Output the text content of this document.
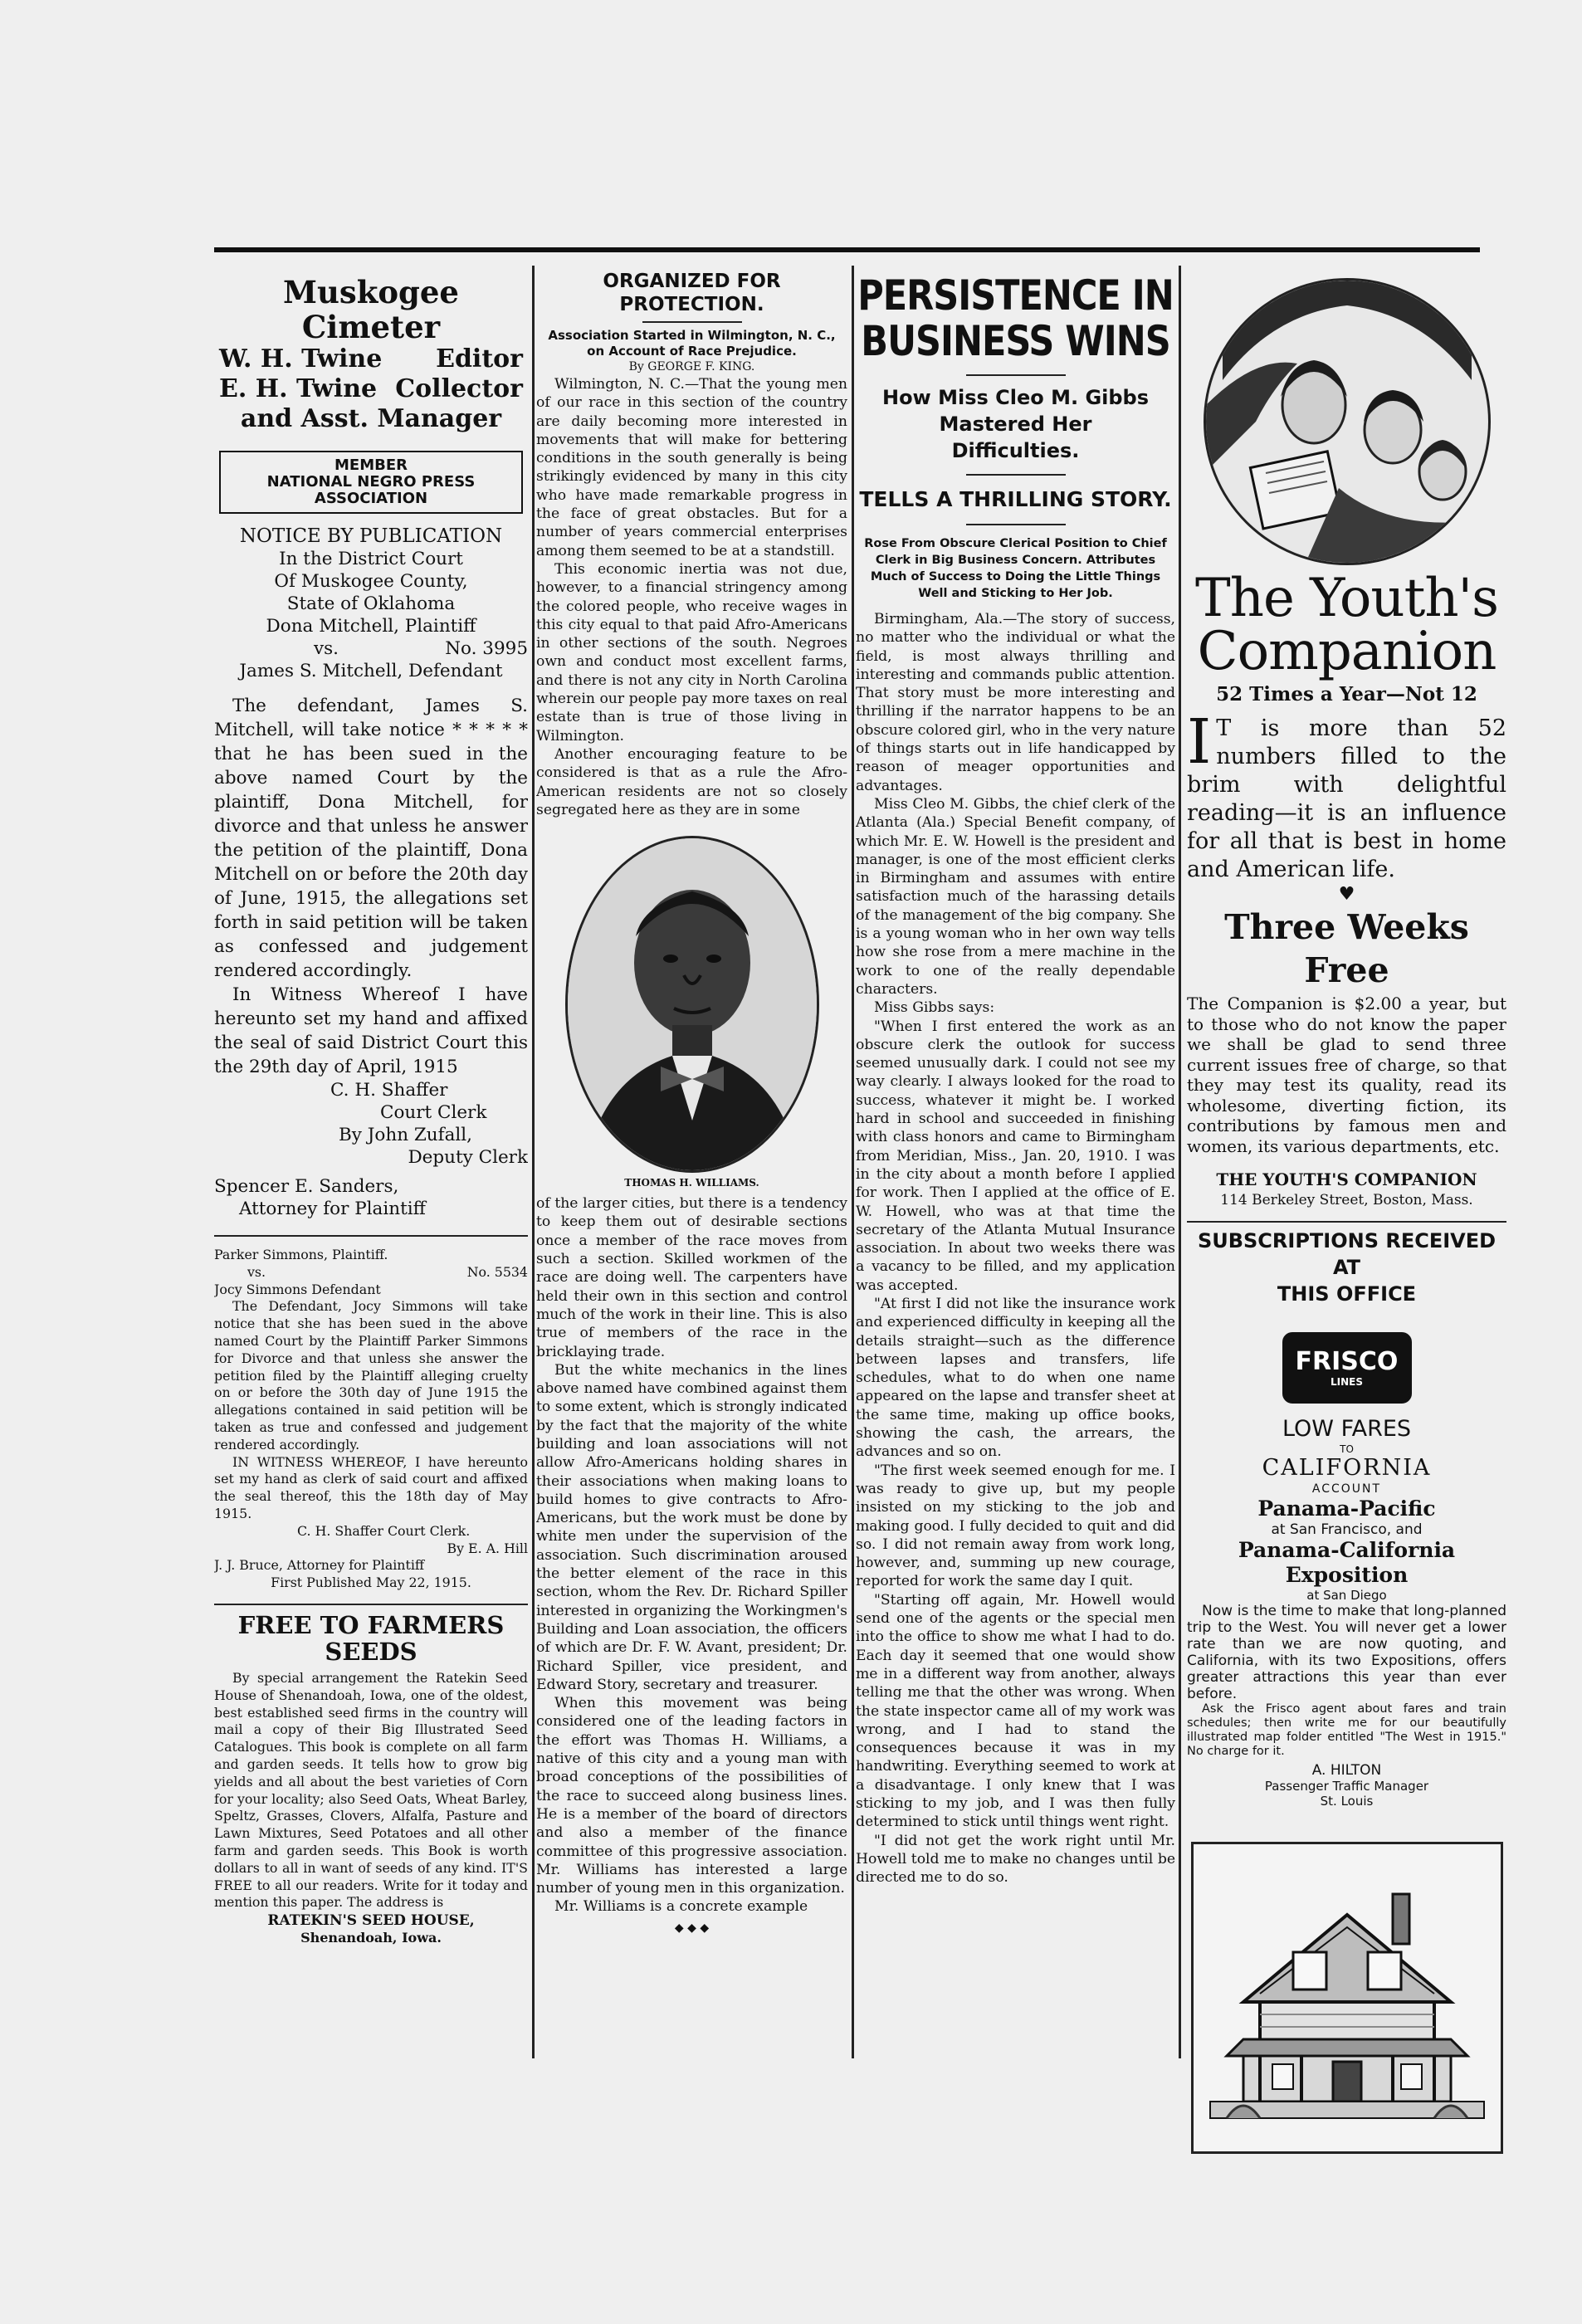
Muskogee Cimeter
W. H. Twine Editor
E. H. Twine Collector
and Asst. Manager
MEMBER
NATIONAL NEGRO PRESS
ASSOCIATION
NOTICE BY PUBLICATION
In the District Court
Of Muskogee County,
State of Oklahoma
Dona Mitchell, Plaintiff
vs.	No. 3995
James S. Mitchell, Defendant

The defendant, James S. Mitchell, will take notice * * * * * that he has been sued in the above named Court by the plaintiff, Dona Mitchell, for divorce and that unless he answer the petition of the plaintiff, Dona Mitchell on or before the 20th day of June, 1915, the allegations set forth in said petition will be taken as confessed and judgement rendered accordingly.

In Witness Whereof I have hereunto set my hand and affixed the seal of said District Court this the 29th day of April, 1915

C. H. Shaffer
Court Clerk
By John Zufall,
Deputy Clerk
Spencer E. Sanders,
Attorney for Plaintiff
Parker Simmons, Plaintiff.
vs.	No. 5534
Jocy Simmons Defendant

The Defendant, Jocy Simmons will take notice that she has been sued in the above named Court by the Plaintiff Parker Simmons for Divorce and that unless she answer the petition filed by the Plaintiff alleging cruelty on or before the 30th day of June 1915 the allegations contained in said petition will be taken as true and confessed and judgement rendered accordingly.

IN WITNESS WHEREOF, I have hereunto set my hand as clerk of said court and affixed the seal thereof, this the 18th day of May 1915.

C. H. Shaffer Court Clerk.
By E. A. Hill
J. J. Bruce, Attorney for Plaintiff
First Published May 22, 1915.
FREE TO FARMERS
SEEDS

By special arrangement the Ratekin Seed House of Shenandoah, Iowa, one of the oldest, best established seed firms in the country will mail a copy of their Big Illustrated Seed Catalogues. This book is complete on all farm and garden seeds. It tells how to grow big yields and all about the best varieties of Corn for your locality; also Seed Oats, Wheat Barley, Speltz, Grasses, Clovers, Alfalfa, Pasture and Lawn Mixtures, Seed Potatoes and all other farm and garden seeds. This Book is worth dollars to all in want of seeds of any kind. IT'S FREE to all our readers. Write for it today and mention this paper. The address is

RATEKIN'S SEED HOUSE,
Shenandoah, Iowa.
ORGANIZED FOR PROTECTION.
Association Started in Wilmington, N. C., on Account of Race Prejudice.
By GEORGE F. KING.

Wilmington, N. C.—That the young men of our race in this section of the country are daily becoming more interested in movements that will make for bettering conditions in the south generally is being strikingly evidenced by many in this city who have made remarkable progress in the face of great obstacles. But for a number of years commercial enterprises among them seemed to be at a standstill.

This economic inertia was not due, however, to a financial stringency among the colored people, who receive wages in this city equal to that paid Afro-Americans in other sections of the south. Negroes own and conduct most excellent farms, and there is not any city in North Carolina wherein our people pay more taxes on real estate than is true of those living in Wilmington.

Another encouraging feature to be considered is that as a rule the Afro-American residents are not so closely segregated here as they are in some

THOMAS H. WILLIAMS.

of the larger cities, but there is a tendency to keep them out of desirable sections once a member of the race moves from such a section. Skilled workmen of the race are doing well. The carpenters have held their own in this section and control much of the work in their line. This is also true of members of the race in the bricklaying trade.

But the white mechanics in the lines above named have combined against them to some extent, which is strongly indicated by the fact that the majority of the white building and loan associations will not allow Afro-Americans holding shares in their associations when making loans to build homes to give contracts to Afro-Americans, but the work must be done by white men under the supervision of the association. Such discrimination aroused the better element of the race in this section, whom the Rev. Dr. Richard Spiller interested in organizing the Workingmen's Building and Loan association, the officers of which are Dr. F. W. Avant, president; Dr. Richard Spiller, vice president, and Edward Story, secretary and treasurer.

When this movement was being considered one of the leading factors in the effort was Thomas H. Williams, a native of this city and a young man with broad conceptions of the possibilities of the race to succeed along business lines. He is a member of the board of directors and also a member of the finance committee of this progressive association. Mr. Williams has interested a large number of young men in this organization.

Mr. Williams is a concrete example

◆ ◆ ◆
PERSISTENCE IN
BUSINESS WINS
How Miss Cleo M. Gibbs Mastered Her Difficulties.
TELLS A THRILLING STORY.
Rose From Obscure Clerical Position to Chief Clerk in Big Business Concern. Attributes Much of Success to Doing the Little Things Well and Sticking to Her Job.

Birmingham, Ala.—The story of success, no matter who the individual or what the field, is most always thrilling and interesting and commands public attention. That story must be more interesting and thrilling if the narrator happens to be an obscure colored girl, who in the very nature of things starts out in life handicapped by reason of meager opportunities and advantages.

Miss Cleo M. Gibbs, the chief clerk of the Atlanta (Ala.) Special Benefit company, of which Mr. E. W. Howell is the president and manager, is one of the most efficient clerks in Birmingham and assumes with entire satisfaction much of the harassing details of the management of the big company. She is a young woman who in her own way tells how she rose from a mere machine in the work to one of the really dependable characters.

Miss Gibbs says:

"When I first entered the work as an obscure clerk the outlook for success seemed unusually dark. I could not see my way clearly. I always looked for the road to success, whatever it might be. I worked hard in school and succeeded in finishing with class honors and came to Birmingham from Meridian, Miss., Jan. 20, 1910. I was in the city about a month before I applied for work. Then I applied at the office of E. W. Howell, who was at that time the secretary of the Atlanta Mutual Insurance association. In about two weeks there was a vacancy to be filled, and my application was accepted.

"At first I did not like the insurance work and experienced difficulty in keeping all the details straight—such as the difference between lapses and transfers, life schedules, what to do when one name appeared on the lapse and transfer sheet at the same time, making up office books, showing the cash, the arrears, the advances and so on.

"The first week seemed enough for me. I was ready to give up, but my people insisted on my sticking to the job and making good. I fully decided to quit and did so. I did not remain away from work long, however, and, summing up new courage, reported for work the same day I quit.

"Starting off again, Mr. Howell would send one of the agents or the special men into the office to show me what I had to do. Each day it seemed that one would show me in a different way from another, always telling me that the other was wrong. When the state inspector came all of my work was wrong, and I had to stand the consequences because it was in my handwriting. Everything seemed to work at a disadvantage. I only knew that I was sticking to my job, and I was then fully determined to stick until things went right.

"I did not get the work right until Mr. Howell told me to make no changes until be directed me to do so.

The Youth's
Companion
52 Times a Year—Not 12
I T is more than 52 numbers filled to the brim with delightful reading—it is an influence for all that is best in home and American life.
♥
Three Weeks Free

The Companion is $2.00 a year, but to those who do not know the paper we shall be glad to send three current issues free of charge, so that they may test its quality, read its wholesome, diverting fiction, its contributions by famous men and women, its various departments, etc.

THE YOUTH'S COMPANION
114 Berkeley Street, Boston, Mass.
SUBSCRIPTIONS RECEIVED AT
THIS OFFICE
FRISCO
LINES
LOW FARES
TO
CALIFORNIA
ACCOUNT
Panama-Pacific
at San Francisco, and
Panama-California
Exposition
at San Diego

Now is the time to make that long-planned trip to the West. You will never get a lower rate than we are now quoting, and California, with its two Expositions, offers greater attractions this year than ever before.

Ask the Frisco agent about fares and train schedules; then write me for our beautifully illustrated map folder entitled "The West in 1915." No charge for it.

A. HILTON
Passenger Traffic Manager
St. Louis
